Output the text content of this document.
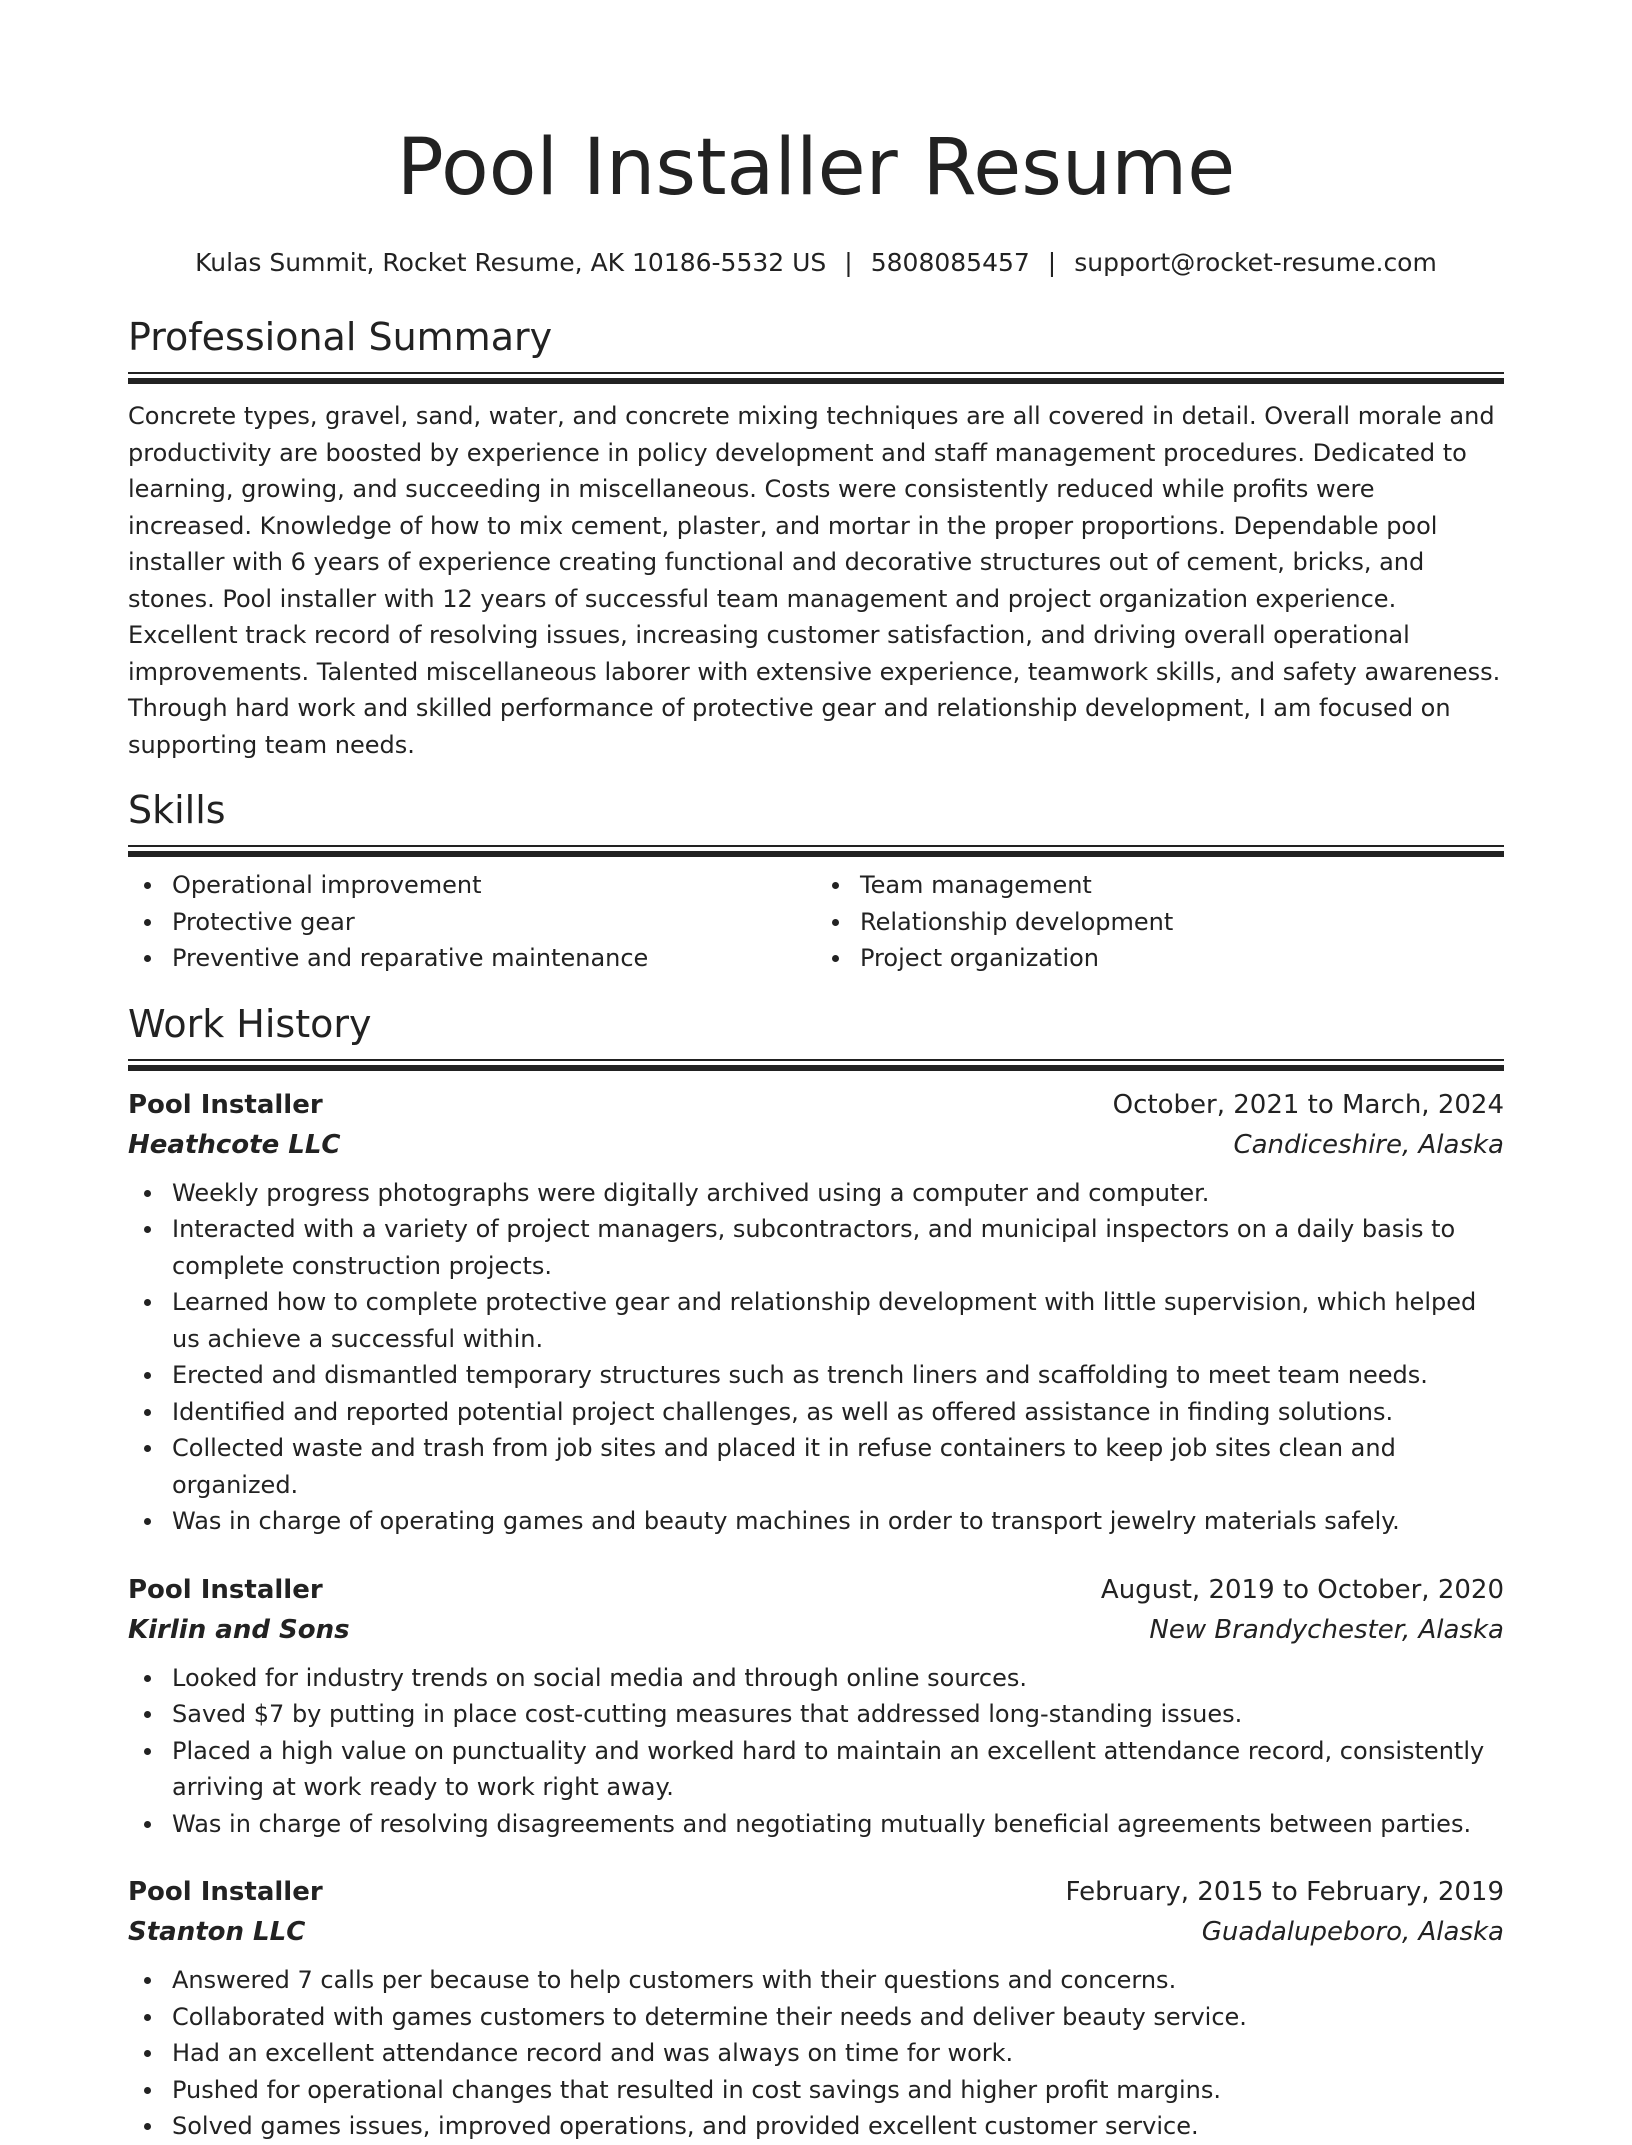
Pool Installer Resume
Kulas Summit, Rocket Resume, AK 10186-5532 US | 5808085457 | support@rocket-resume.com
Professional Summary
Concrete types, gravel, sand, water, and concrete mixing techniques are all covered in detail. Overall morale and productivity are boosted by experience in policy development and staff management procedures. Dedicated to learning, growing, and succeeding in miscellaneous. Costs were consistently reduced while profits were increased. Knowledge of how to mix cement, plaster, and mortar in the proper proportions. Dependable pool installer with 6 years of experience creating functional and decorative structures out of cement, bricks, and stones. Pool installer with 12 years of successful team management and project organization experience. Excellent track record of resolving issues, increasing customer satisfaction, and driving overall operational improvements. Talented miscellaneous laborer with extensive experience, teamwork skills, and safety awareness. Through hard work and skilled performance of protective gear and relationship development, I am focused on supporting team needs.
Skills
Operational improvement
Protective gear
Preventive and reparative maintenance
Team management
Relationship development
Project organization
Work History
Pool Installer	October, 2021 to March, 2024
Heathcote LLC	Candiceshire, Alaska
Weekly progress photographs were digitally archived using a computer and computer.
Interacted with a variety of project managers, subcontractors, and municipal inspectors on a daily basis to complete construction projects.
Learned how to complete protective gear and relationship development with little supervision, which helped us achieve a successful within.
Erected and dismantled temporary structures such as trench liners and scaffolding to meet team needs.
Identified and reported potential project challenges, as well as offered assistance in finding solutions.
Collected waste and trash from job sites and placed it in refuse containers to keep job sites clean and organized.
Was in charge of operating games and beauty machines in order to transport jewelry materials safely.
Pool Installer	August, 2019 to October, 2020
Kirlin and Sons	New Brandychester, Alaska
Looked for industry trends on social media and through online sources.
Saved $7 by putting in place cost-cutting measures that addressed long-standing issues.
Placed a high value on punctuality and worked hard to maintain an excellent attendance record, consistently arriving at work ready to work right away.
Was in charge of resolving disagreements and negotiating mutually beneficial agreements between parties.
Pool Installer	February, 2015 to February, 2019
Stanton LLC	Guadalupeboro, Alaska
Answered 7 calls per because to help customers with their questions and concerns.
Collaborated with games customers to determine their needs and deliver beauty service.
Had an excellent attendance record and was always on time for work.
Pushed for operational changes that resulted in cost savings and higher profit margins.
Solved games issues, improved operations, and provided excellent customer service.
